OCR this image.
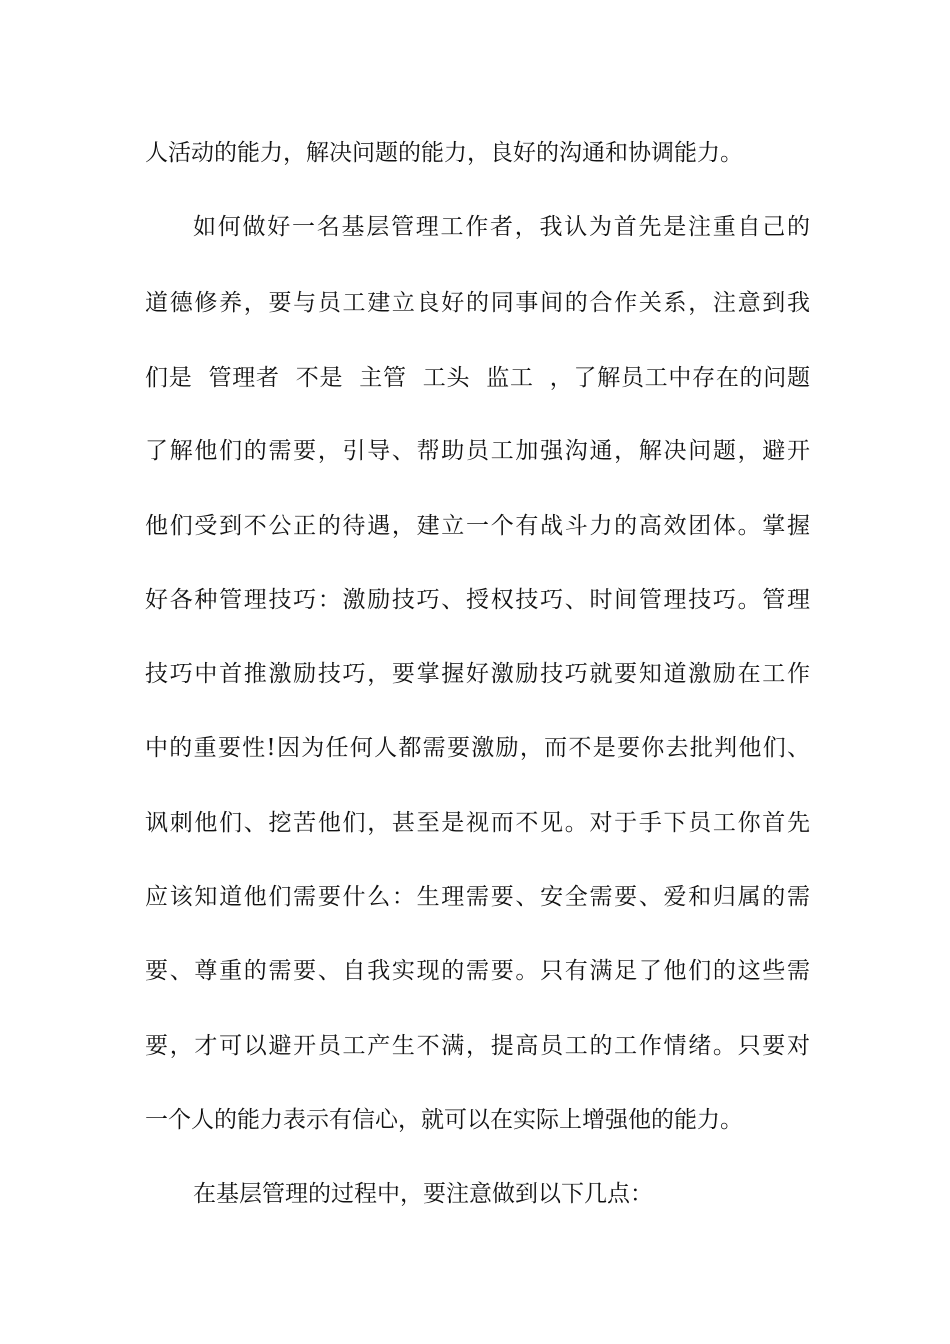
人活动的能力，解决问题的能力，良好的沟通和协调能力。
如何做好一名基层管理工作者，我认为首先是注重自己的
道德修养，要与员工建立良好的同事间的合作关系，注意到我
们是  管理者  不是  主管  工头  监工  ，了解员工中存在的问题
了解他们的需要，引导、帮助员工加强沟通，解决问题，避开
他们受到不公正的待遇，建立一个有战斗力的高效团体。掌握
好各种管理技巧：激励技巧、授权技巧、时间管理技巧。管理
技巧中首推激励技巧，要掌握好激励技巧就要知道激励在工作
中的重要性!因为任何人都需要激励，而不是要你去批判他们、
讽刺他们、挖苦他们，甚至是视而不见。对于手下员工你首先
应该知道他们需要什么：生理需要、安全需要、爱和归属的需
要、尊重的需要、自我实现的需要。只有满足了他们的这些需
要，才可以避开员工产生不满，提高员工的工作情绪。只要对
一个人的能力表示有信心，就可以在实际上增强他的能力。
在基层管理的过程中，要注意做到以下几点：
